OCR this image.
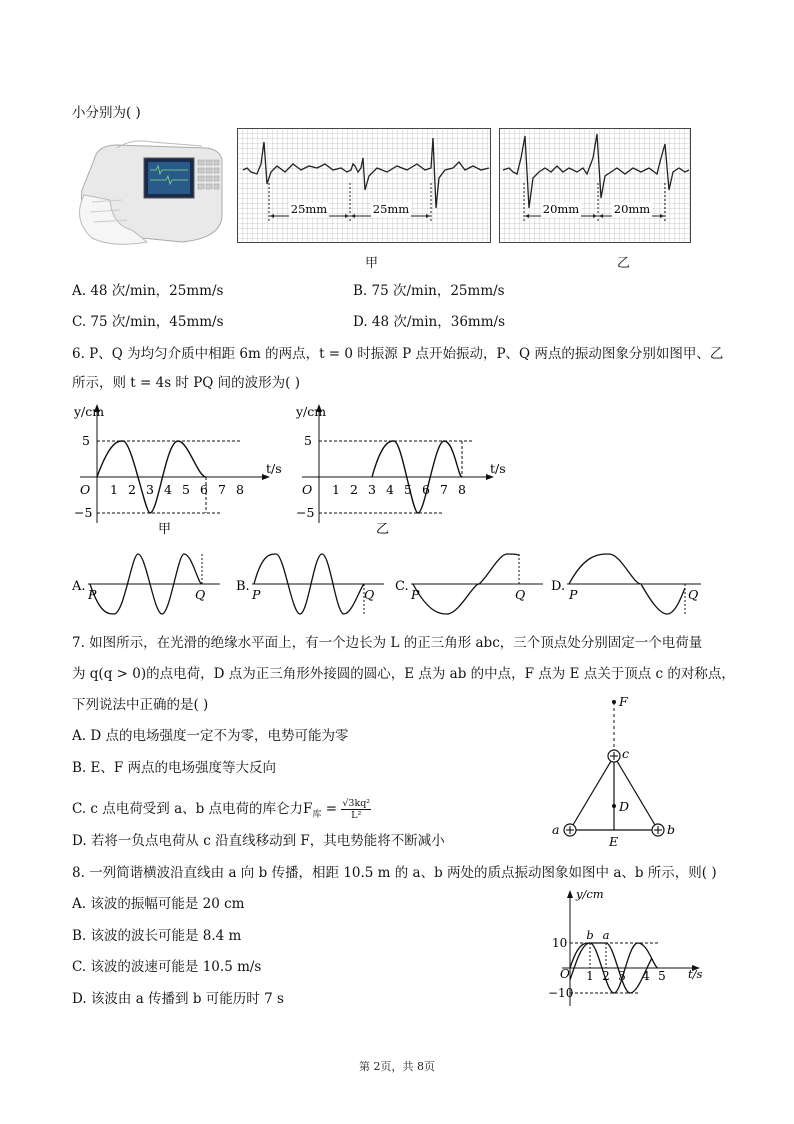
小分别为( )
25mm	25mm	20mm	20mm
甲	乙
A. 48 次/min，25mm/s	B. 75 次/min，25mm/s
C. 75 次/min，45mm/s	D. 48 次/min，36mm/s
6. P、Q 为均匀介质中相距 6m 的两点，t = 0 时振源 P 点开始振动，P、Q 两点的振动图象分别如图甲、乙
所示，则 t = 4s 时 PQ 间的波形为( )
y/cm
t/s
O
5
−5
1 2 3 4 5 6 7 8
甲
y/cm
t/s
O
5
−5
1 2 3 4 5 6 7 8
乙
A.
P	Q
B.
P	Q
C.
P	Q
D.
P	Q
7. 如图所示，在光滑的绝缘水平面上，有一个边长为 L 的正三角形 abc，三个顶点处分别固定一个电荷量
为 q(q > 0)的点电荷，D 点为正三角形外接圆的圆心，E 点为 ab 的中点，F 点为 E 点关于顶点 c 的对称点，
下列说法中正确的是( )
A. D 点的电场强度一定不为零，电势可能为零
B. E、F 两点的电场强度等大反向
C. c 点电荷受到 a、b 点电荷的库仑力$F_库 = \frac{\text{√3kq²}}{\text{L²}}$
D. 若将一负点电荷从 c 沿直线移动到 F，其电势能将不断减小
F
c
D
a	b
E
8. 一列简谐横波沿直线由 a 向 b 传播，相距 10.5 m 的 a、b 两处的质点振动图象如图中 a、b 所示，则( )
A. 该波的振幅可能是 20 cm
B. 该波的波长可能是 8.4 m
C. 该波的波速可能是 10.5 m/s
D. 该波由 a 传播到 b 可能历时 7 s
y/cm
t/s
O
10
−10
1 2 3 4 5
b a
第 2页，共 8页
